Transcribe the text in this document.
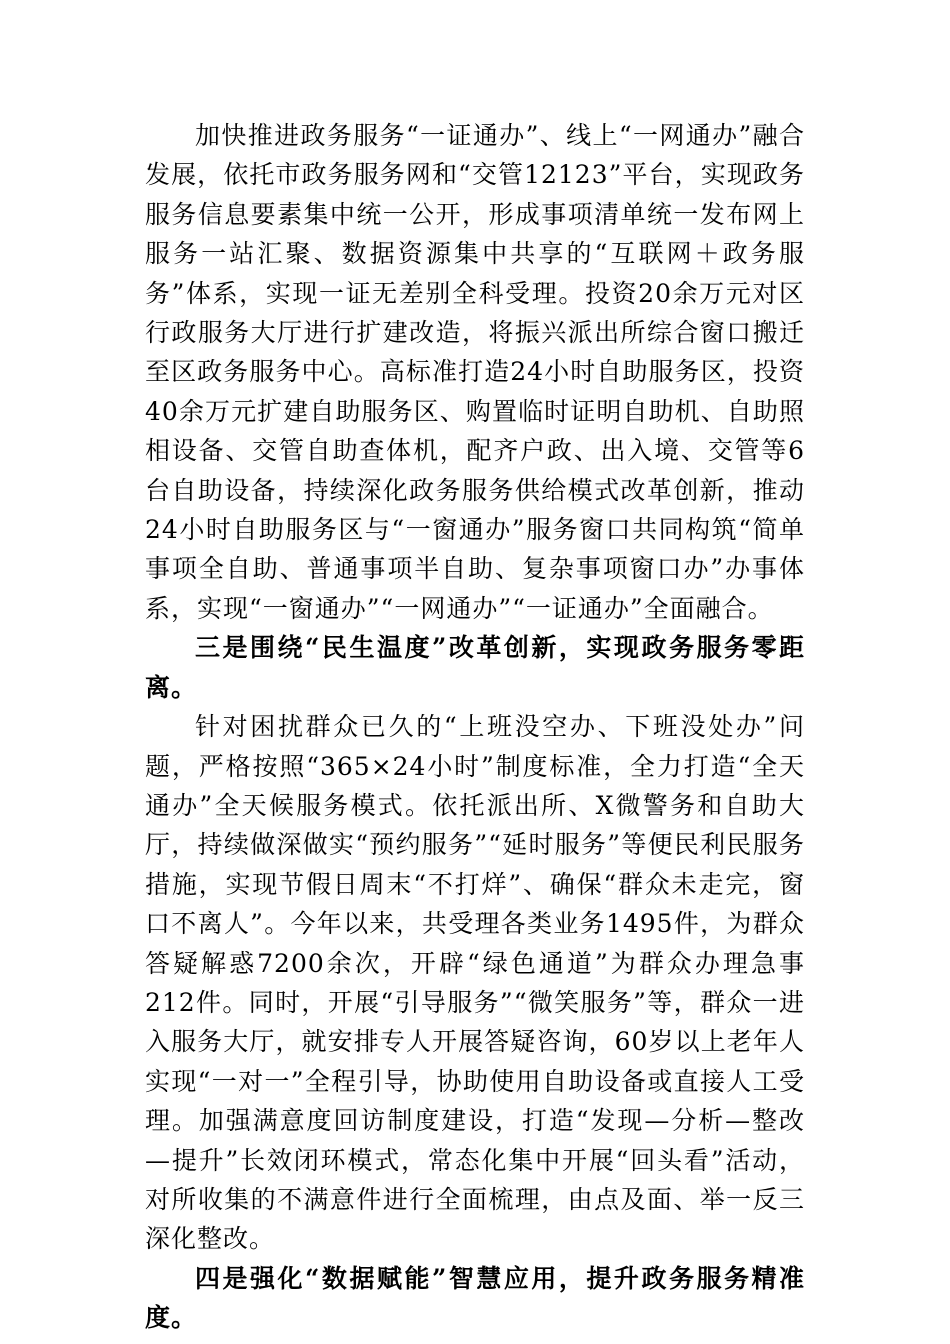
加快推进政务服务“一证通办”、线上“一网通办”融合发展，依托市政务服务网和“交管12123”平台，实现政务服务信息要素集中统一公开，形成事项清单统一发布网上服务一站汇聚、数据资源集中共享的“互联网＋政务服务”体系，实现一证无差别全科受理。投资20余万元对区行政服务大厅进行扩建改造，将振兴派出所综合窗口搬迁至区政务服务中心。高标准打造24小时自助服务区，投资40余万元扩建自助服务区、购置临时证明自助机、自助照相设备、交管自助查体机，配齐户政、出入境、交管等6台自助设备，持续深化政务服务供给模式改革创新，推动24小时自助服务区与“一窗通办”服务窗口共同构筑“简单事项全自助、普通事项半自助、复杂事项窗口办”办事体系，实现“一窗通办”“一网通办”“一证通办”全面融合。

三是围绕“民生温度”改革创新，实现政务服务零距离。

针对困扰群众已久的“上班没空办、下班没处办”问题，严格按照“365×24小时”制度标准，全力打造“全天通办”全天候服务模式。依托派出所、X微警务和自助大厅，持续做深做实“预约服务”“延时服务”等便民利民服务措施，实现节假日周末“不打烊”、确保“群众未走完，窗口不离人”。今年以来，共受理各类业务1495件，为群众答疑解惑7200余次，开辟“绿色通道”为群众办理急事212件。同时，开展“引导服务”“微笑服务”等，群众一进入服务大厅，就安排专人开展答疑咨询，60岁以上老年人实现“一对一”全程引导，协助使用自助设备或直接人工受理。加强满意度回访制度建设，打造“发现—分析—整改—提升”长效闭环模式，常态化集中开展“回头看”活动，对所收集的不满意件进行全面梳理，由点及面、举一反三深化整改。

四是强化“数据赋能”智慧应用，提升政务服务精准度。
